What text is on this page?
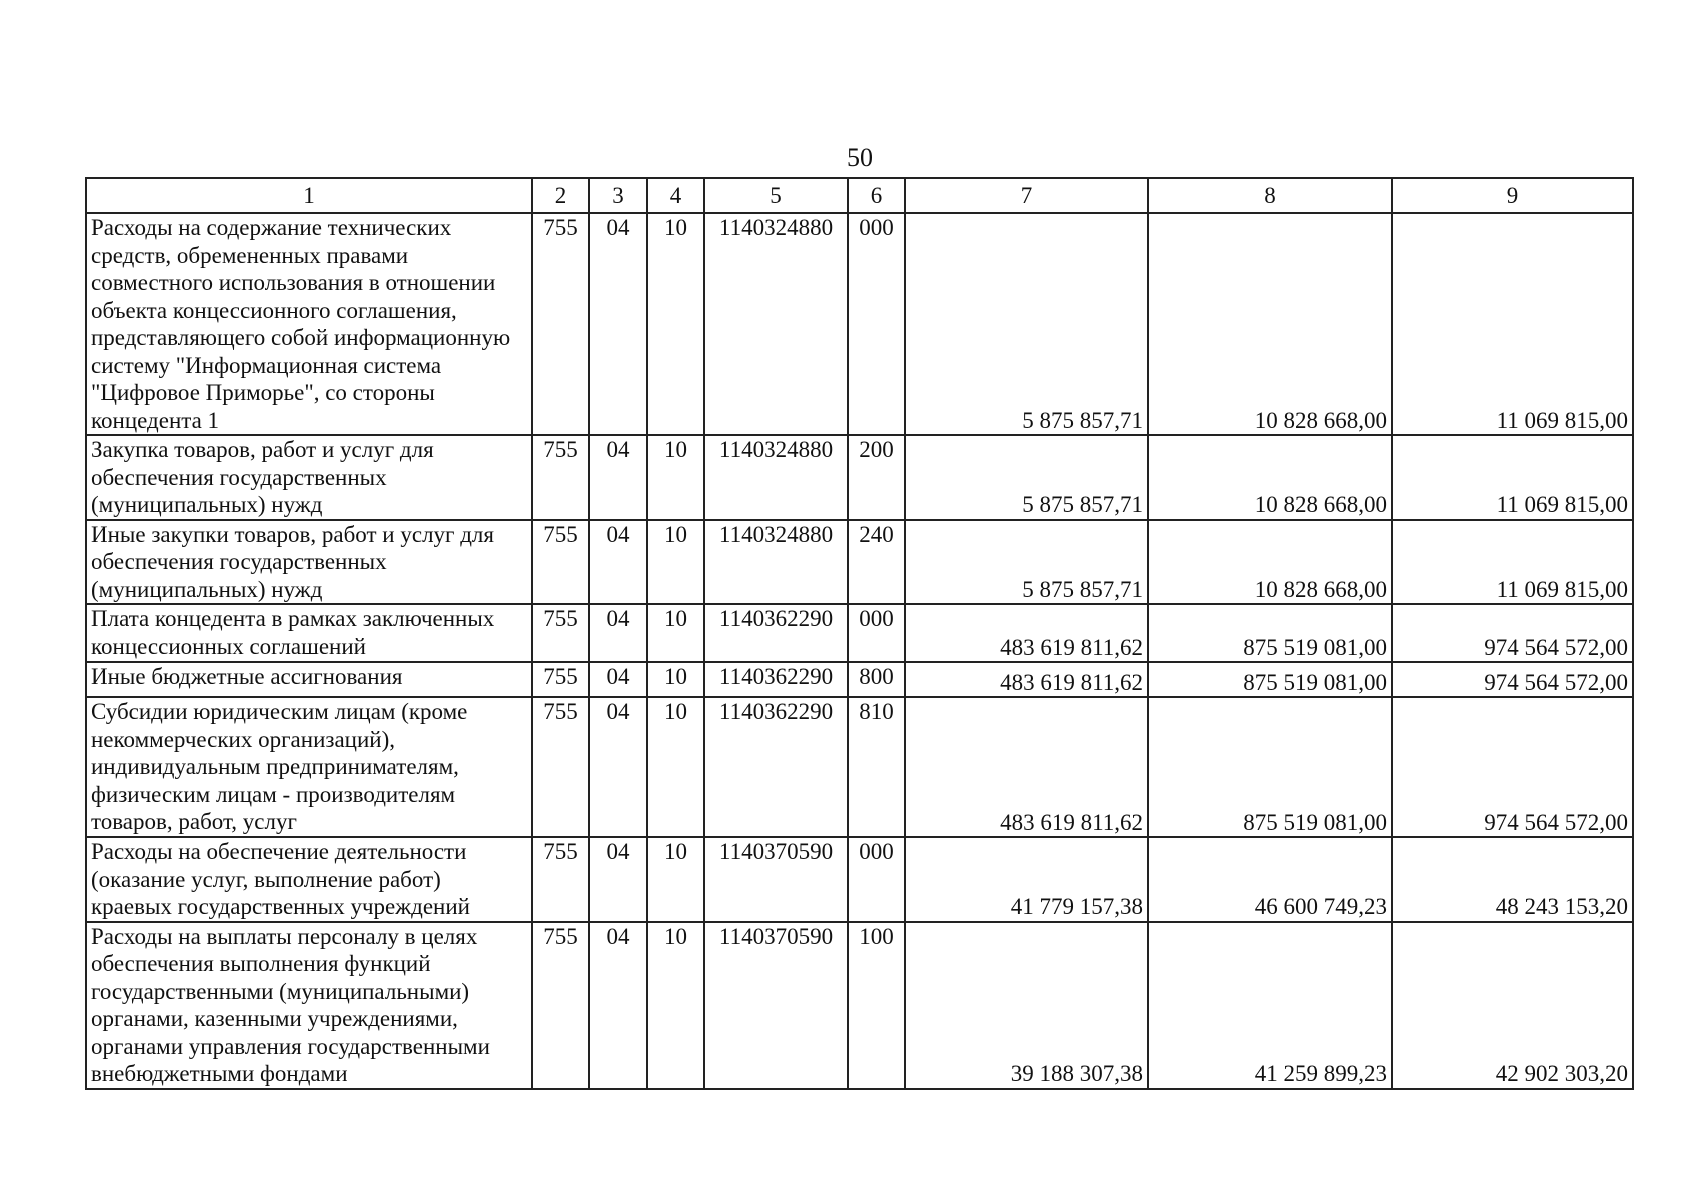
50
1	2	3	4	5	6	7	8	9
Расходы на содержание технических средств, обремененных правами совместного использования в отношении объекта концессионного соглашения, представляющего собой информационную систему "Информационная система "Цифровое Приморье", со стороны концедента 1	755	04	10	1140324880	000	5 875 857,71	10 828 668,00	11 069 815,00
Закупка товаров, работ и услуг для обеспечения государственных (муниципальных) нужд	755	04	10	1140324880	200	5 875 857,71	10 828 668,00	11 069 815,00
Иные закупки товаров, работ и услуг для обеспечения государственных (муниципальных) нужд	755	04	10	1140324880	240	5 875 857,71	10 828 668,00	11 069 815,00
Плата концедента в рамках заключенных концессионных соглашений	755	04	10	1140362290	000	483 619 811,62	875 519 081,00	974 564 572,00
Иные бюджетные ассигнования	755	04	10	1140362290	800	483 619 811,62	875 519 081,00	974 564 572,00
Субсидии юридическим лицам (кроме некоммерческих организаций), индивидуальным предпринимателям, физическим лицам - производителям товаров, работ, услуг	755	04	10	1140362290	810	483 619 811,62	875 519 081,00	974 564 572,00
Расходы на обеспечение деятельности (оказание услуг, выполнение работ) краевых государственных учреждений	755	04	10	1140370590	000	41 779 157,38	46 600 749,23	48 243 153,20
Расходы на выплаты персоналу в целях обеспечения выполнения функций государственными (муниципальными) органами, казенными учреждениями, органами управления государственными внебюджетными фондами	755	04	10	1140370590	100	39 188 307,38	41 259 899,23	42 902 303,20
